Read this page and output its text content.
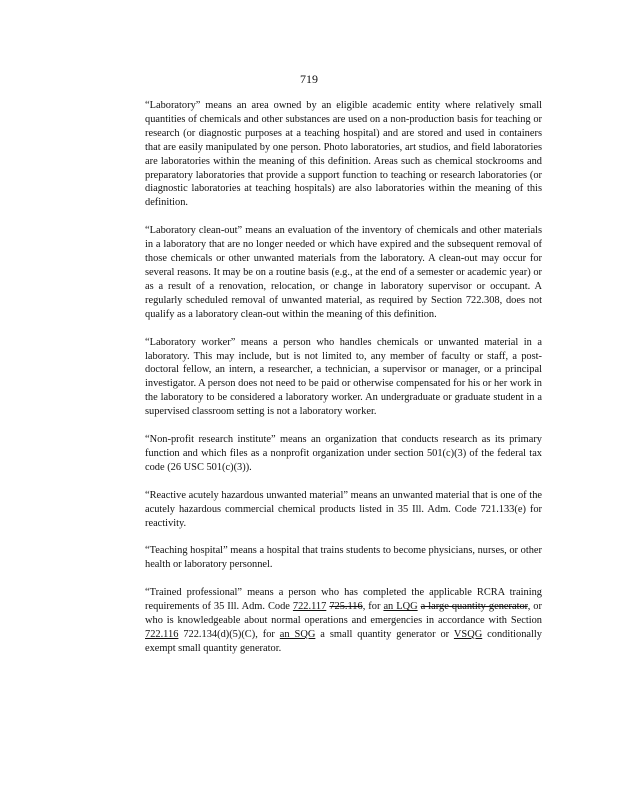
719

“Laboratory” means an area owned by an eligible academic entity where relatively small quantities of chemicals and other substances are used on a non-production basis for teaching or research (or diagnostic purposes at a teaching hospital) and are stored and used in containers that are easily manipulated by one person. Photo laboratories, art studios, and field laboratories are laboratories within the meaning of this definition. Areas such as chemical stockrooms and preparatory laboratories that provide a support function to teaching or research laboratories (or diagnostic laboratories at teaching hospitals) are also laboratories within the meaning of this definition.

“Laboratory clean-out” means an evaluation of the inventory of chemicals and other materials in a laboratory that are no longer needed or which have expired and the subsequent removal of those chemicals or other unwanted materials from the laboratory. A clean-out may occur for several reasons. It may be on a routine basis (e.g., at the end of a semester or academic year) or as a result of a renovation, relocation, or change in laboratory supervisor or occupant. A regularly scheduled removal of unwanted material, as required by Section 722.308, does not qualify as a laboratory clean-out within the meaning of this definition.

“Laboratory worker” means a person who handles chemicals or unwanted material in a laboratory. This may include, but is not limited to, any member of faculty or staff, a post-doctoral fellow, an intern, a researcher, a technician, a supervisor or manager, or a principal investigator. A person does not need to be paid or otherwise compensated for his or her work in the laboratory to be considered a laboratory worker. An undergraduate or graduate student in a supervised classroom setting is not a laboratory worker.

“Non-profit research institute” means an organization that conducts research as its primary function and which files as a nonprofit organization under section 501(c)(3) of the federal tax code (26 USC 501(c)(3)).

“Reactive acutely hazardous unwanted material” means an unwanted material that is one of the acutely hazardous commercial chemical products listed in 35 Ill. Adm. Code 721.133(e) for reactivity.

“Teaching hospital” means a hospital that trains students to become physicians, nurses, or other health or laboratory personnel.

“Trained professional” means a person who has completed the applicable RCRA training requirements of 35 Ill. Adm. Code 722.117 725.116, for an LQG a large quantity generator, or who is knowledgeable about normal operations and emergencies in accordance with Section 722.116 722.134(d)(5)(C), for an SQG a small quantity generator or VSQG conditionally exempt small quantity generator.
